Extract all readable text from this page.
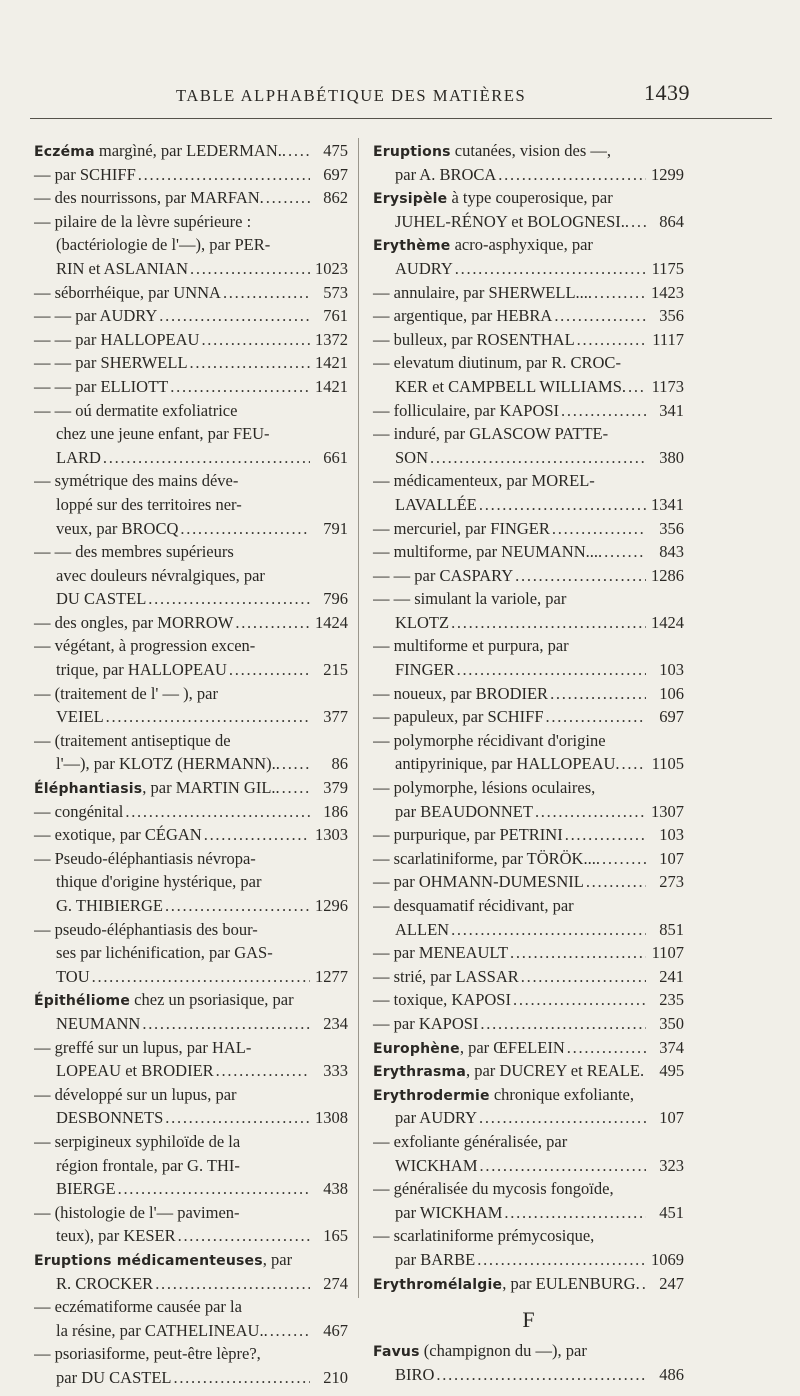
TABLE ALPHABÉTIQUE DES MATIÈRES	1439
Eczéma margìné, par LEDERMAN.. . . .	475
— par SCHIFF . . .	697
— des nourrissons, par MARFAN. . . .	862
— pilaire de la lèvre supérieure :
(bactériologie de l'—), par PER-
RIN et ASLANIAN . . .	1023
— séborrhéique, par UNNA . . .	573
— — par AUDRY . . .	761
— — par HALLOPEAU . . .	1372
— — par SHERWELL . . .	1421
— — par ELLIOTT . . .	1421
— — oú dermatite exfoliatrice
chez une jeune enfant, par FEU-
LARD . . .	661
— symétrique des mains déve-
loppé sur des territoires ner-
veux, par BROCQ . . .	791
— — des membres supérieurs
avec douleurs névralgiques, par
DU CASTEL . . .	796
— des ongles, par MORROW . . .	1424
— végétant, à progression excen-
trique, par HALLOPEAU . . .	215
— (traitement de l' — ), par
VEIEL . . .	377
— (traitement antiseptique de
l'—), par KLOTZ (HERMANN).. . . .	86
Éléphantiasis, par MARTIN GIL.. . . .	379
— congénital . . .	186
— exotique, par CÉGAN . . .	1303
— Pseudo-éléphantiasis névropa-
thique d'origine hystérique, par
G. THIBIERGE . . .	1296
— pseudo-éléphantiasis des bour-
ses par lichénification, par GAS-
TOU . . .	1277
Épithéliome chez un psoriasique, par
NEUMANN . . .	234
— greffé sur un lupus, par HAL-
LOPEAU et BRODIER . . .	333
— développé sur un lupus, par
DESBONNETS . . .	1308
— serpigineux syphiloïde de la
région frontale, par G. THI-
BIERGE . . .	438
— (histologie de l'— pavimen-
teux), par KESER . . .	165
Eruptions médicamenteuses, par
R. CROCKER . . .	274
— eczématiforme causée par la
la résine, par CATHELINEAU.. . . .	467
— psoriasiforme, peut-être lèpre?,
par DU CASTEL . . .	210
Eruptions cutanées, vision des —,
par A. BROCA . . .	1299
Erysipèle à type couperosique, par
JUHEL-RÉNOY et BOLOGNESI.. . . .	864
Erythème acro-asphyxique, par
AUDRY . . .	1175
— annulaire, par SHERWELL.... . . .	1423
— argentique, par HEBRA . . .	356
— bulleux, par ROSENTHAL . . .	1117
— elevatum diutinum, par R. CROC-
KER et CAMPBELL WILLIAMS. . . . 1173
— folliculaire, par KAPOSI . . .	341
— induré, par GLASCOW PATTE-
SON . . .	380
— médicamenteux, par MOREL-
LAVALLÉE . . .	1341
— mercuriel, par FINGER . . .	356
— multiforme, par NEUMANN.... . . .	843
— — par CASPARY . . .	1286
— — simulant la variole, par
KLOTZ . . .	1424
— multiforme et purpura, par
FINGER . . .	103
— noueux, par BRODIER . . .	106
— papuleux, par SCHIFF . . .	697
— polymorphe récidivant d'origine
antipyrinique, par HALLOPEAU. . . . 1105
— polymorphe, lésions oculaires,
par BEAUDONNET . . .	1307
— purpurique, par PETRINI . . .	103
— scarlatiniforme, par TÖRÖK.... . . .	107
— par OHMANN-DUMESNIL . . .	273
— desquamatif récidivant, par
ALLEN . . .	851
— par MENEAULT . . .	1107
— strié, par LASSAR . . .	241
— toxique, KAPOSI . . .	235
— par KAPOSI . . .	350
Europhène, par ŒFELEIN . . .	374
Erythrasma, par DUCREY et REALE. 495
Erythrodermie chronique exfoliante,
par AUDRY . . .	107
— exfoliante généralisée, par
WICKHAM . . .	323
— généralisée du mycosis fongoïde,
par WICKHAM . . .	451
— scarlatiniforme prémycosique,
par BARBE . . .	1069
Erythromélalgie, par EULENBURG. . . .	247
F
Favus (champignon du —), par
BIRO . . .	486
